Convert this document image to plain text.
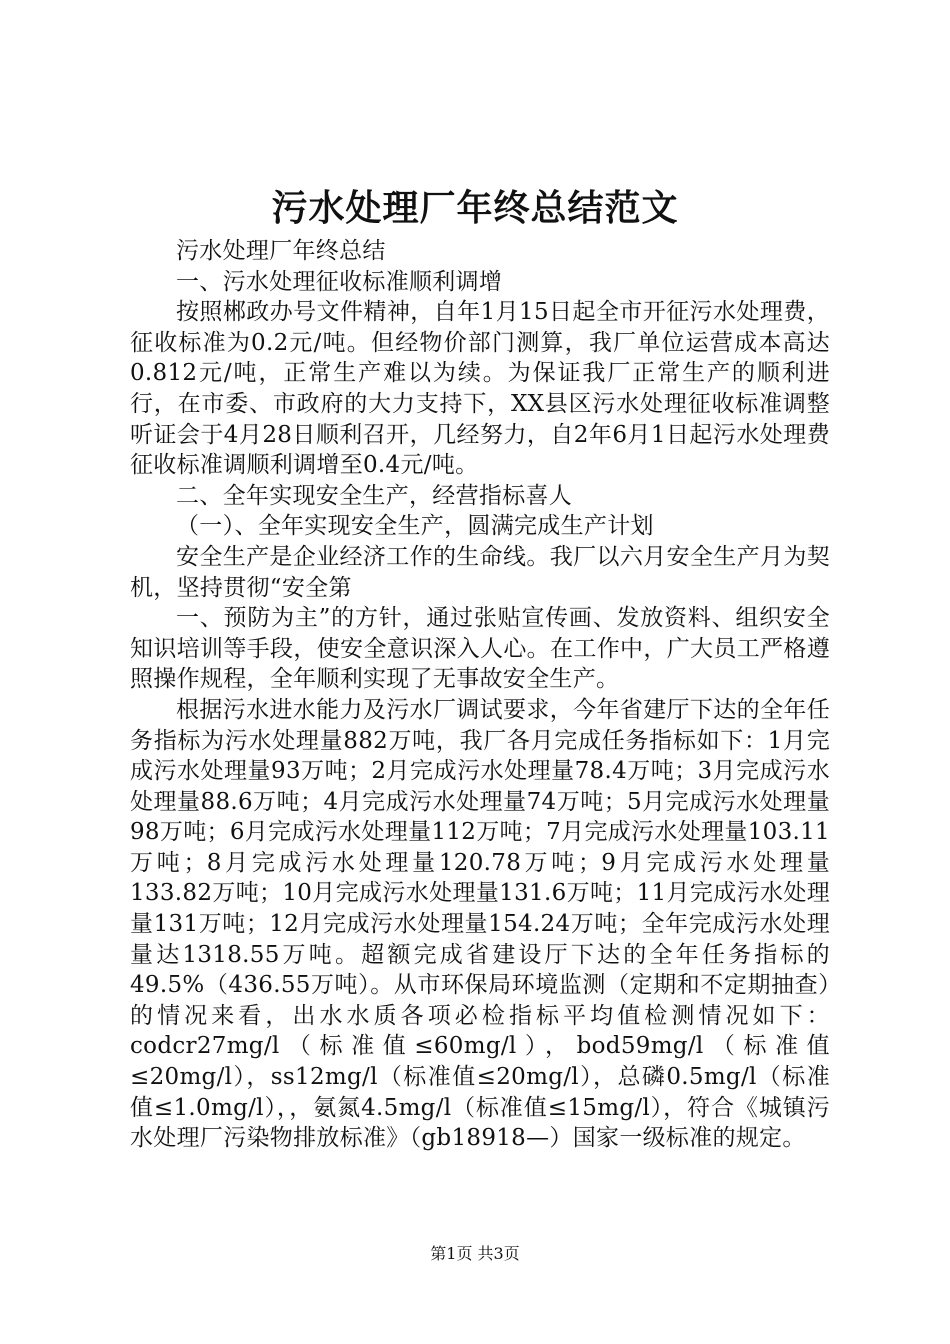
污水处理厂年终总结范文

污水处理厂年终总结

一、污水处理征收标准顺利调增

按照郴政办号文件精神，自年1月15日起全市开征污水处理费，征收标准为0.2元/吨。但经物价部门测算，我厂单位运营成本高达0.812元/吨，正常生产难以为续。为保证我厂正常生产的顺利进行，在市委、市政府的大力支持下，XX县区污水处理征收标准调整听证会于4月28日顺利召开，几经努力，自2年6月1日起污水处理费征收标准调顺利调增至0.4元/吨。

二、全年实现安全生产，经营指标喜人

（一）、全年实现安全生产，圆满完成生产计划

安全生产是企业经济工作的生命线。我厂以六月安全生产月为契机，坚持贯彻“安全第

一、预防为主”的方针，通过张贴宣传画、发放资料、组织安全知识培训等手段，使安全意识深入人心。在工作中，广大员工严格遵照操作规程，全年顺利实现了无事故安全生产。

根据污水进水能力及污水厂调试要求，今年省建厅下达的全年任务指标为污水处理量882万吨，我厂各月完成任务指标如下：1月完成污水处理量93万吨；2月完成污水处理量78.4万吨；3月完成污水处理量88.6万吨；4月完成污水处理量74万吨；5月完成污水处理量98万吨；6月完成污水处理量112万吨；7月完成污水处理量103.11万吨；8月完成污水处理量120.78万吨；9月完成污水处理量133.82万吨；10月完成污水处理量131.6万吨；11月完成污水处理量131万吨；12月完成污水处理量154.24万吨；全年完成污水处理量达1318.55万吨。超额完成省建设厅下达的全年任务指标的49.5%（436.55万吨）。从市环保局环境监测（定期和不定期抽查）的情况来看，出水水质各项必检指标平均值检测情况如下：codcr27mg/l（标准值≤60mg/l），bod59mg/l（标准值≤20mg/l），ss12mg/l（标准值≤20mg/l），总磷0.5mg/l（标准值≤1.0mg/l），，氨氮4.5mg/l（标准值≤15mg/l），符合《城镇污水处理厂污染物排放标准》（gb18918—）国家一级标准的规定。

第1页 共3页
